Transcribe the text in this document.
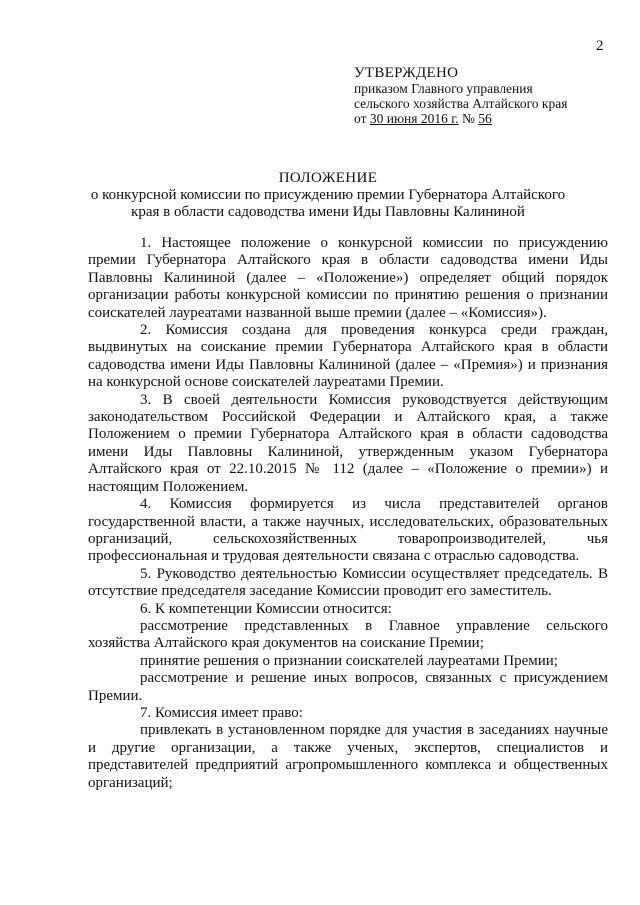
2
УТВЕРЖДЕНО
приказом Главного управления
сельского хозяйства Алтайского края
от 30 июня 2016 г. № 56
ПОЛОЖЕНИЕ
о конкурсной комиссии по присуждению премии Губернатора Алтайского края в области садоводства имени Иды Павловны Калининой

1. Настоящее положение о конкурсной комиссии по присуждению премии Губернатора Алтайского края в области садоводства имени Иды Павловны Калининой (далее – «Положение») определяет общий порядок организации работы конкурсной комиссии по принятию решения о признании соискателей лауреатами названной выше премии (далее – «Комиссия»).

2. Комиссия создана для проведения конкурса среди граждан, выдвинутых на соискание премии Губернатора Алтайского края в области садоводства имени Иды Павловны Калининой (далее – «Премия») и признания на конкурсной основе соискателей лауреатами Премии.

3. В своей деятельности Комиссия руководствуется действующим законодательством Российской Федерации и Алтайского края, а также Положением о премии Губернатора Алтайского края в области садоводства имени Иды Павловны Калининой, утвержденным указом Губернатора Алтайского края от 22.10.2015 № 112 (далее – «Положение о премии») и настоящим Положением.

4. Комиссия формируется из числа представителей органов государственной власти, а также научных, исследовательских, образовательных организаций, сельскохозяйственных товаропроизводителей, чья профессиональная и трудовая деятельности связана с отраслью садоводства.

5. Руководство деятельностью Комиссии осуществляет председатель. В отсутствие председателя заседание Комиссии проводит его заместитель.

6. К компетенции Комиссии относится:

рассмотрение представленных в Главное управление сельского хозяйства Алтайского края документов на соискание Премии;

принятие решения о признании соискателей лауреатами Премии;

рассмотрение и решение иных вопросов, связанных с присуждением Премии.

7. Комиссия имеет право:

привлекать в установленном порядке для участия в заседаниях научные и другие организации, а также ученых, экспертов, специалистов и представителей предприятий агропромышленного комплекса и общественных организаций;
